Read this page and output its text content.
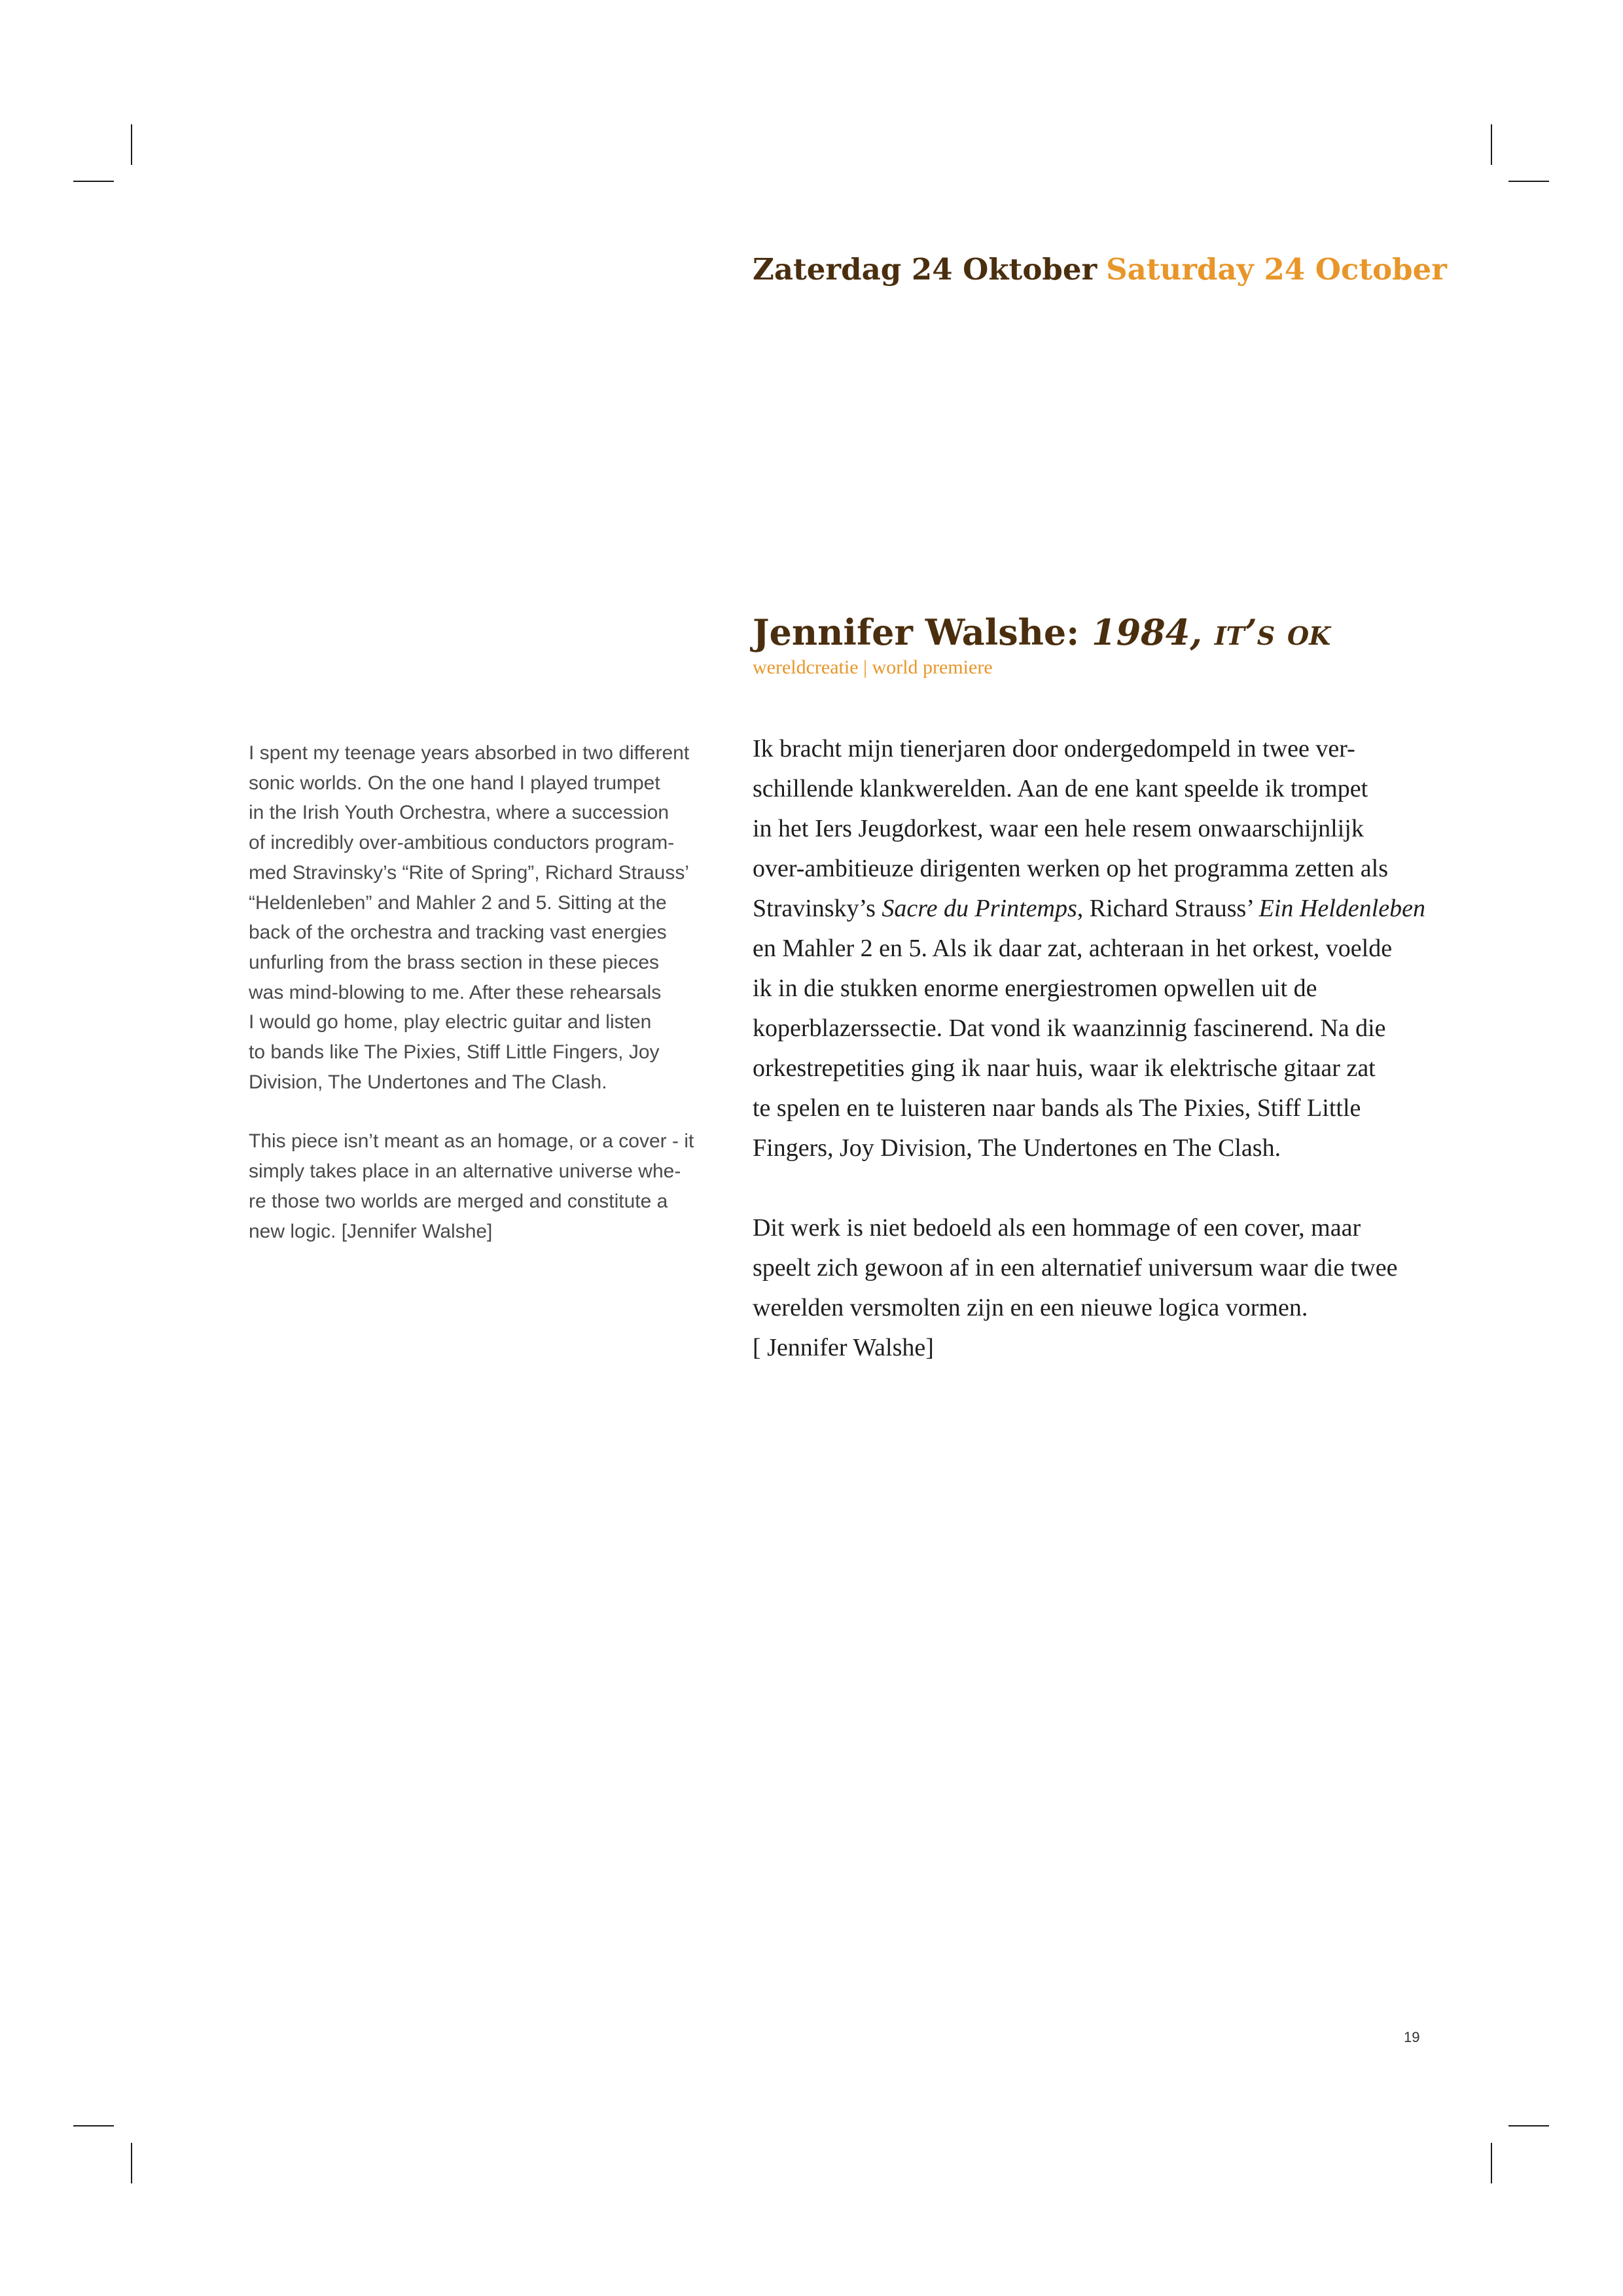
Zaterdag 24 Oktober Saturday 24 October
Jennifer Walshe: 1984, it’s ok
wereldcreatie | world premiere

I spent my teenage years absorbed in two different
sonic worlds. On the one hand I played trumpet
in the Irish Youth Orchestra, where a succession
of incredibly over-ambitious conductors program-
med Stravinsky’s “Rite of Spring”, Richard Strauss’
“Heldenleben” and Mahler 2 and 5. Sitting at the
back of the orchestra and tracking vast energies
unfurling from the brass section in these pieces
was mind-blowing to me. After these rehearsals
I would go home, play electric guitar and listen
to bands like The Pixies, Stiff Little Fingers, Joy
Division, The Undertones and The Clash.

This piece isn’t meant as an homage, or a cover - it
simply takes place in an alternative universe whe-
re those two worlds are merged and constitute a
new logic. [Jennifer Walshe]

Ik bracht mijn tienerjaren door ondergedompeld in twee ver-
schillende klankwerelden. Aan de ene kant speelde ik trompet
in het Iers Jeugdorkest, waar een hele resem onwaarschijnlijk
over-ambitieuze dirigenten werken op het programma zetten als
Stravinsky’s Sacre du Printemps, Richard Strauss’ Ein Heldenleben
en Mahler 2 en 5. Als ik daar zat, achteraan in het orkest, voelde
ik in die stukken enorme energiestromen opwellen uit de
koperblazerssectie. Dat vond ik waanzinnig fascinerend. Na die
orkestrepetities ging ik naar huis, waar ik elektrische gitaar zat
te spelen en te luisteren naar bands als The Pixies, Stiff Little
Fingers, Joy Division, The Undertones en The Clash.

Dit werk is niet bedoeld als een hommage of een cover, maar
speelt zich gewoon af in een alternatief universum waar die twee
werelden versmolten zijn en een nieuwe logica vormen.
[ Jennifer Walshe]

19
